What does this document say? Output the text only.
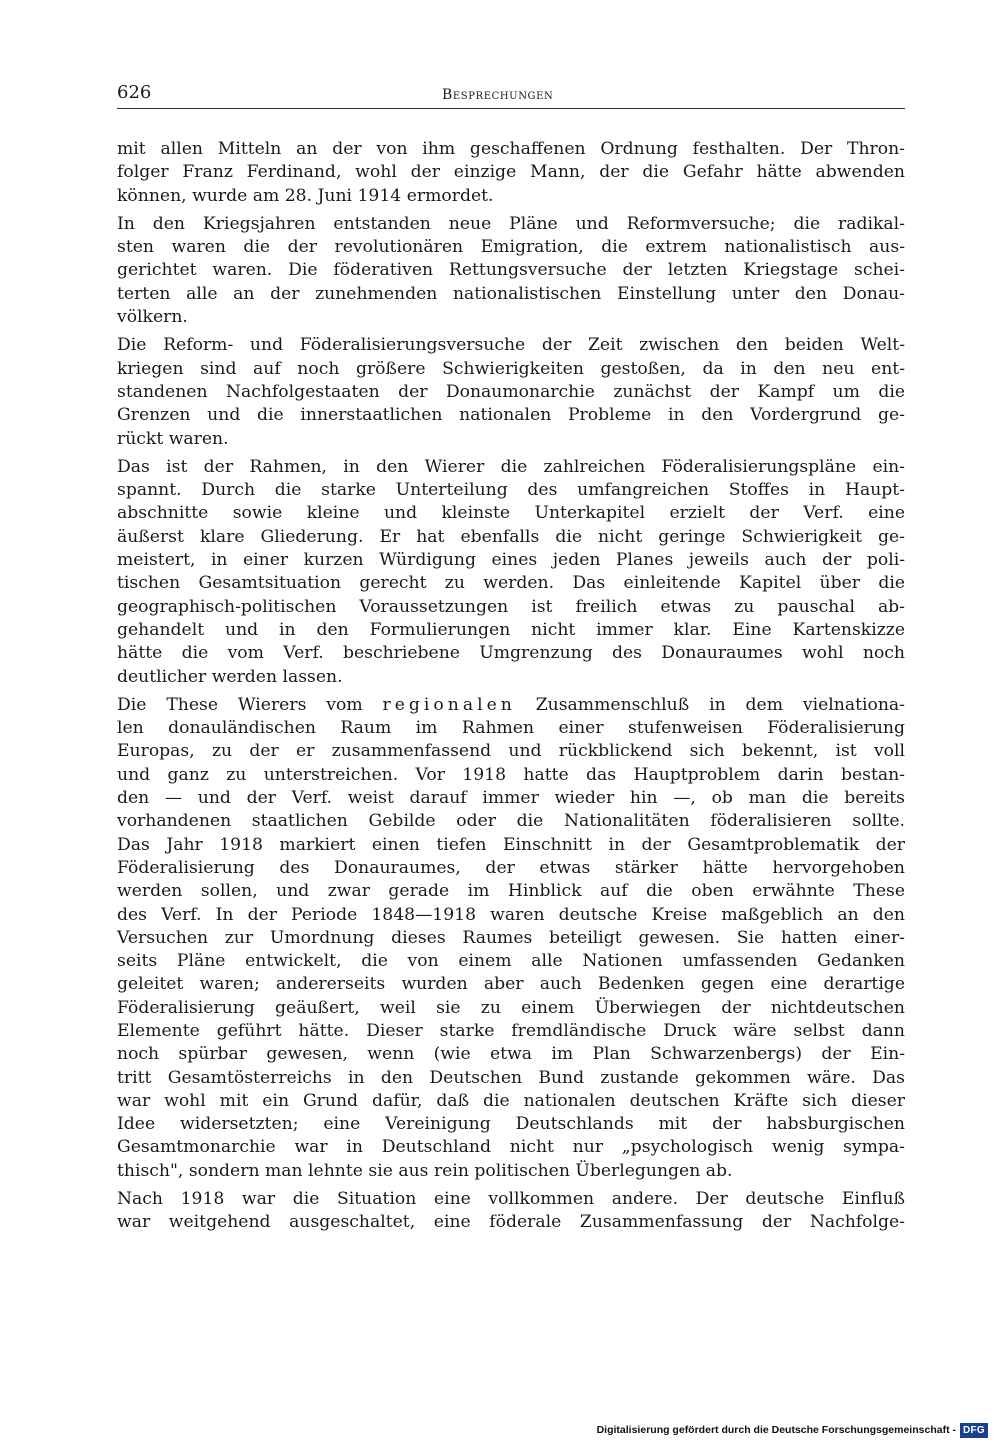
626	Besprechungen

mit allen Mitteln an der von ihm geschaffenen Ordnung festhalten. Der Thron-
folger Franz Ferdinand, wohl der einzige Mann, der die Gefahr hätte abwenden
können, wurde am 28. Juni 1914 ermordet.

In den Kriegsjahren entstanden neue Pläne und Reformversuche; die radikal-
sten waren die der revolutionären Emigration, die extrem nationalistisch aus-
gerichtet waren. Die föderativen Rettungsversuche der letzten Kriegstage schei-
terten alle an der zunehmenden nationalistischen Einstellung unter den Donau-
völkern.

Die Reform- und Föderalisierungsversuche der Zeit zwischen den beiden Welt-
kriegen sind auf noch größere Schwierigkeiten gestoßen, da in den neu ent-
standenen Nachfolgestaaten der Donaumonarchie zunächst der Kampf um die
Grenzen und die innerstaatlichen nationalen Probleme in den Vordergrund ge-
rückt waren.

Das ist der Rahmen, in den Wierer die zahlreichen Föderalisierungspläne ein-
spannt. Durch die starke Unterteilung des umfangreichen Stoffes in Haupt-
abschnitte sowie kleine und kleinste Unterkapitel erzielt der Verf. eine
äußerst klare Gliederung. Er hat ebenfalls die nicht geringe Schwierigkeit ge-
meistert, in einer kurzen Würdigung eines jeden Planes jeweils auch der poli-
tischen Gesamtsituation gerecht zu werden. Das einleitende Kapitel über die
geographisch-politischen Voraussetzungen ist freilich etwas zu pauschal ab-
gehandelt und in den Formulierungen nicht immer klar. Eine Kartenskizze
hätte die vom Verf. beschriebene Umgrenzung des Donauraumes wohl noch
deutlicher werden lassen.

Die These Wierers vom regionalen Zusammenschluß in dem vielnationa-
len donauländischen Raum im Rahmen einer stufenweisen Föderalisierung
Europas, zu der er zusammenfassend und rückblickend sich bekennt, ist voll
und ganz zu unterstreichen. Vor 1918 hatte das Hauptproblem darin bestan-
den — und der Verf. weist darauf immer wieder hin —, ob man die bereits
vorhandenen staatlichen Gebilde oder die Nationalitäten föderalisieren sollte.
Das Jahr 1918 markiert einen tiefen Einschnitt in der Gesamtproblematik der
Föderalisierung des Donauraumes, der etwas stärker hätte hervorgehoben
werden sollen, und zwar gerade im Hinblick auf die oben erwähnte These
des Verf. In der Periode 1848—1918 waren deutsche Kreise maßgeblich an den
Versuchen zur Umordnung dieses Raumes beteiligt gewesen. Sie hatten einer-
seits Pläne entwickelt, die von einem alle Nationen umfassenden Gedanken
geleitet waren; andererseits wurden aber auch Bedenken gegen eine derartige
Föderalisierung geäußert, weil sie zu einem Überwiegen der nichtdeutschen
Elemente geführt hätte. Dieser starke fremdländische Druck wäre selbst dann
noch spürbar gewesen, wenn (wie etwa im Plan Schwarzenbergs) der Ein-
tritt Gesamtösterreichs in den Deutschen Bund zustande gekommen wäre. Das
war wohl mit ein Grund dafür, daß die nationalen deutschen Kräfte sich dieser
Idee widersetzten; eine Vereinigung Deutschlands mit der habsburgischen
Gesamtmonarchie war in Deutschland nicht nur „psychologisch wenig sympa-
thisch", sondern man lehnte sie aus rein politischen Überlegungen ab.

Nach 1918 war die Situation eine vollkommen andere. Der deutsche Einfluß
war weitgehend ausgeschaltet, eine föderale Zusammenfassung der Nachfolge-

Digitalisierung gefördert durch die Deutsche Forschungsgemeinschaft - DFG
